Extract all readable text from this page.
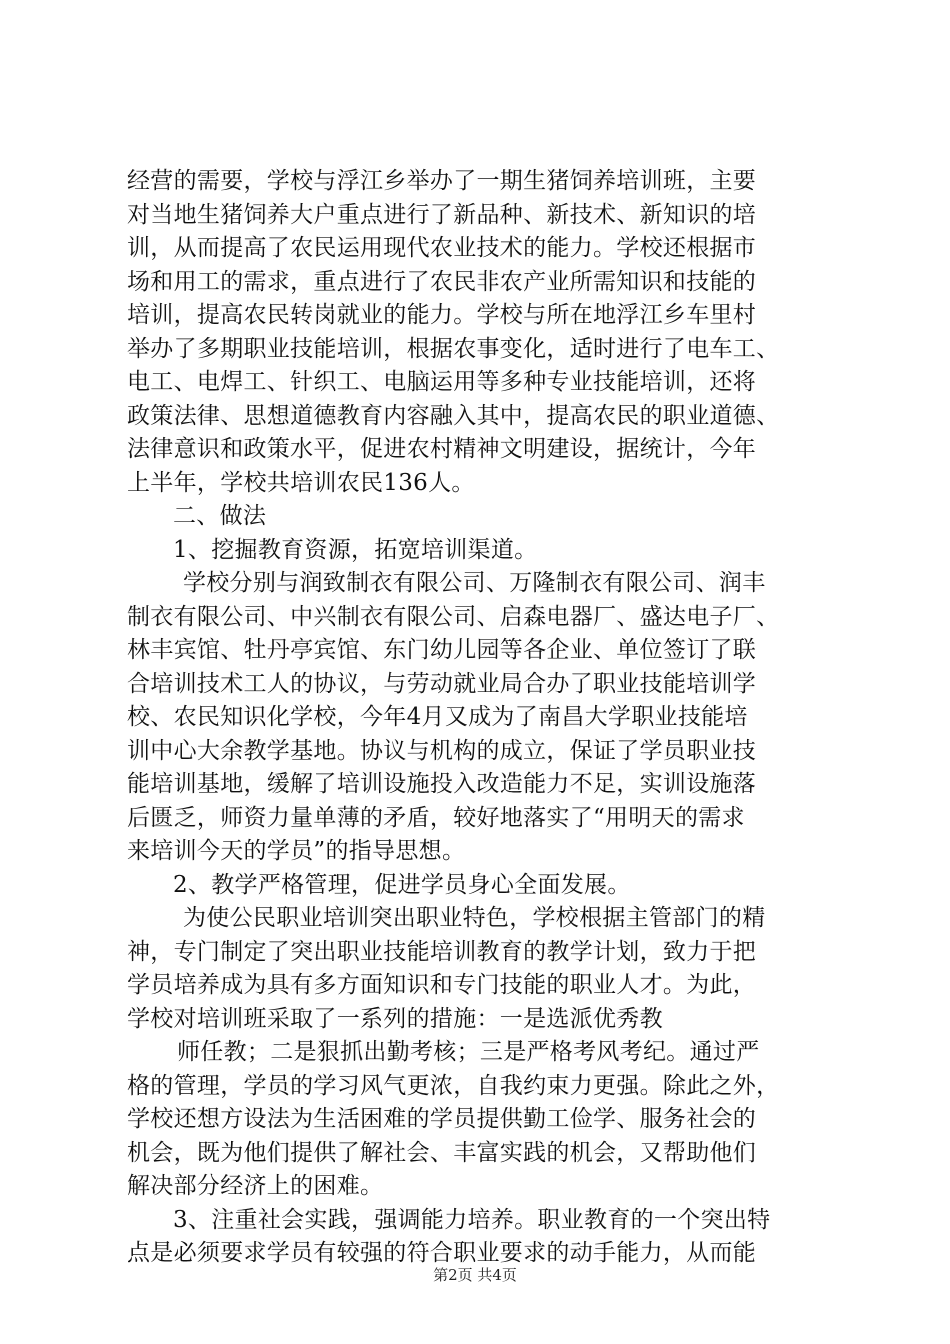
经营的需要，学校与浮江乡举办了一期生猪饲养培训班，主要
对当地生猪饲养大户重点进行了新品种、新技术、新知识的培
训，从而提高了农民运用现代农业技术的能力。学校还根据市
场和用工的需求，重点进行了农民非农产业所需知识和技能的
培训，提高农民转岗就业的能力。学校与所在地浮江乡车里村
举办了多期职业技能培训，根据农事变化，适时进行了电车工、
电工、电焊工、针织工、电脑运用等多种专业技能培训，还将
政策法律、思想道德教育内容融入其中，提高农民的职业道德、
法律意识和政策水平，促进农村精神文明建设，据统计，今年
上半年，学校共培训农民136人。
二、做法
1、挖掘教育资源，拓宽培训渠道。
学校分别与润致制衣有限公司、万隆制衣有限公司、润丰
制衣有限公司、中兴制衣有限公司、启森电器厂、盛达电子厂、
林丰宾馆、牡丹亭宾馆、东门幼儿园等各企业、单位签订了联
合培训技术工人的协议，与劳动就业局合办了职业技能培训学
校、农民知识化学校，今年4月又成为了南昌大学职业技能培
训中心大余教学基地。协议与机构的成立，保证了学员职业技
能培训基地，缓解了培训设施投入改造能力不足，实训设施落
后匮乏，师资力量单薄的矛盾，较好地落实了“用明天的需求
来培训今天的学员”的指导思想。
2、教学严格管理，促进学员身心全面发展。
为使公民职业培训突出职业特色，学校根据主管部门的精
神，专门制定了突出职业技能培训教育的教学计划，致力于把
学员培养成为具有多方面知识和专门技能的职业人才。为此，
学校对培训班采取了一系列的措施：一是选派优秀教
师任教；二是狠抓出勤考核；三是严格考风考纪。通过严
格的管理，学员的学习风气更浓，自我约束力更强。除此之外，
学校还想方设法为生活困难的学员提供勤工俭学、服务社会的
机会，既为他们提供了解社会、丰富实践的机会，又帮助他们
解决部分经济上的困难。
3、注重社会实践，强调能力培养。职业教育的一个突出特
点是必须要求学员有较强的符合职业要求的动手能力，从而能
第2页 共4页
